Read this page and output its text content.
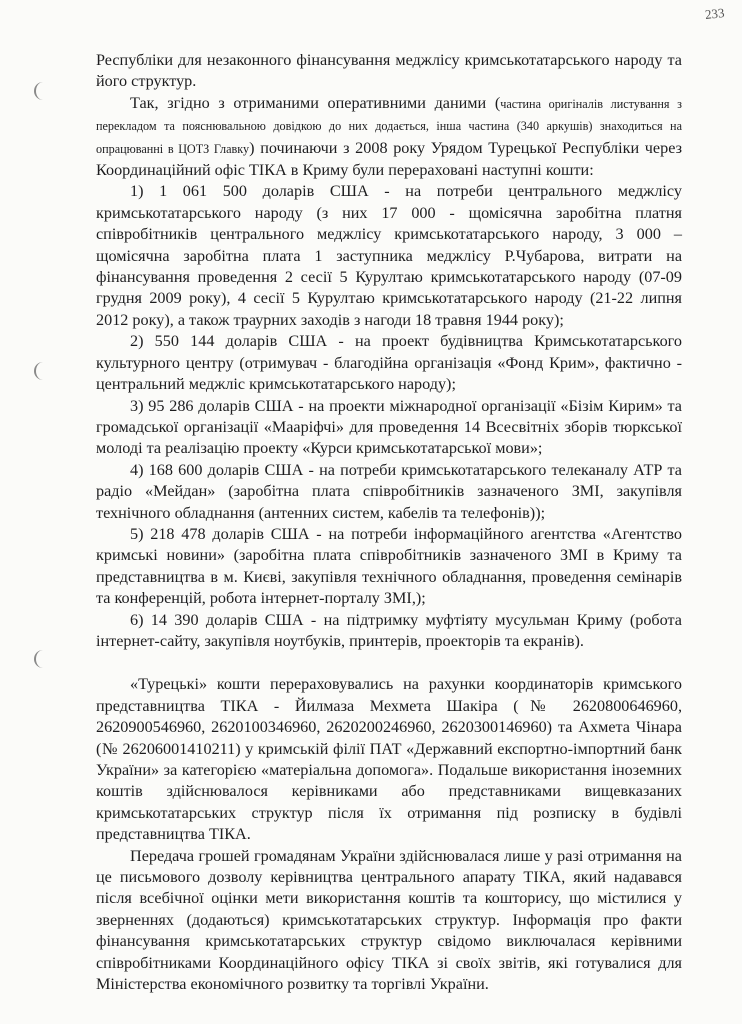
233

Республіки для незаконного фінансування меджлісу кримськотатарського народу та його структур.

Так, згідно з отриманими оперативними даними (частина оригіналів листування з перекладом та пояснювальною довідкою до них додається, інша частина (340 аркушів) знаходиться на опрацюванні в ЦОТЗ Главку) починаючи з 2008 року Урядом Турецької Республіки через Координаційний офіс ТІКА в Криму були перераховані наступні кошти:

1) 1 061 500 доларів США - на потреби центрального меджлісу кримськотатарського народу (з них 17 000 - щомісячна заробітна платня співробітників центрального меджлісу кримськотатарського народу, 3 000 – щомісячна заробітна плата 1 заступника меджлісу Р.Чубарова, витрати на фінансування проведення 2 сесії 5 Курултаю кримськотатарського народу (07-09 грудня 2009 року), 4 сесії 5 Курултаю кримськотатарського народу (21-22 липня 2012 року), а також траурних заходів з нагоди 18 травня 1944 року);

2) 550 144 доларів США - на проект будівництва Кримськотатарського культурного центру (отримувач - благодійна організація «Фонд Крим», фактично - центральний меджліс кримськотатарського народу);

3) 95 286 доларів США - на проекти міжнародної організації «Бізім Кирим» та громадської організації «Мааріфчі» для проведення 14 Всесвітніх зборів тюркської молоді та реалізацію проекту «Курси кримськотатарської мови»;

4) 168 600 доларів США - на потреби кримськотатарського телеканалу АТР та радіо «Мейдан» (заробітна плата співробітників зазначеного ЗМІ, закупівля технічного обладнання (антенних систем, кабелів та телефонів));

5) 218 478 доларів США - на потреби інформаційного агентства «Агентство кримські новини» (заробітна плата співробітників зазначеного ЗМІ в Криму та представництва в м. Києві, закупівля технічного обладнання, проведення семінарів та конференцій, робота інтернет-порталу ЗМІ,);

6) 14 390 доларів США - на підтримку муфтіяту мусульман Криму (робота інтернет-сайту, закупівля ноутбуків, принтерів, проекторів та екранів).

«Турецькі» кошти перераховувались на рахунки координаторів кримського представництва ТІКА - Йилмаза Мехмета Шакіра (№ 2620800646960, 2620900546960, 2620100346960, 2620200246960, 2620300146960) та Ахмета Чінара (№ 26206001410211) у кримській філії ПАТ «Державний експортно-імпортний банк України» за категорією «матеріальна допомога». Подальше використання іноземних коштів здійснювалося керівниками або представниками вищевказаних кримськотатарських структур після їх отримання під розписку в будівлі представництва ТІКА.

Передача грошей громадянам України здійснювалася лише у разі отримання на це письмового дозволу керівництва центрального апарату ТІКА, який надавався після всебічної оцінки мети використання коштів та кошторису, що містилися у зверненнях (додаються) кримськотатарських структур. Інформація про факти фінансування кримськотатарських структур свідомо виключалася керівними співробітниками Координаційного офісу ТІКА зі своїх звітів, які готувалися для Міністерства економічного розвитку та торгівлі України.
